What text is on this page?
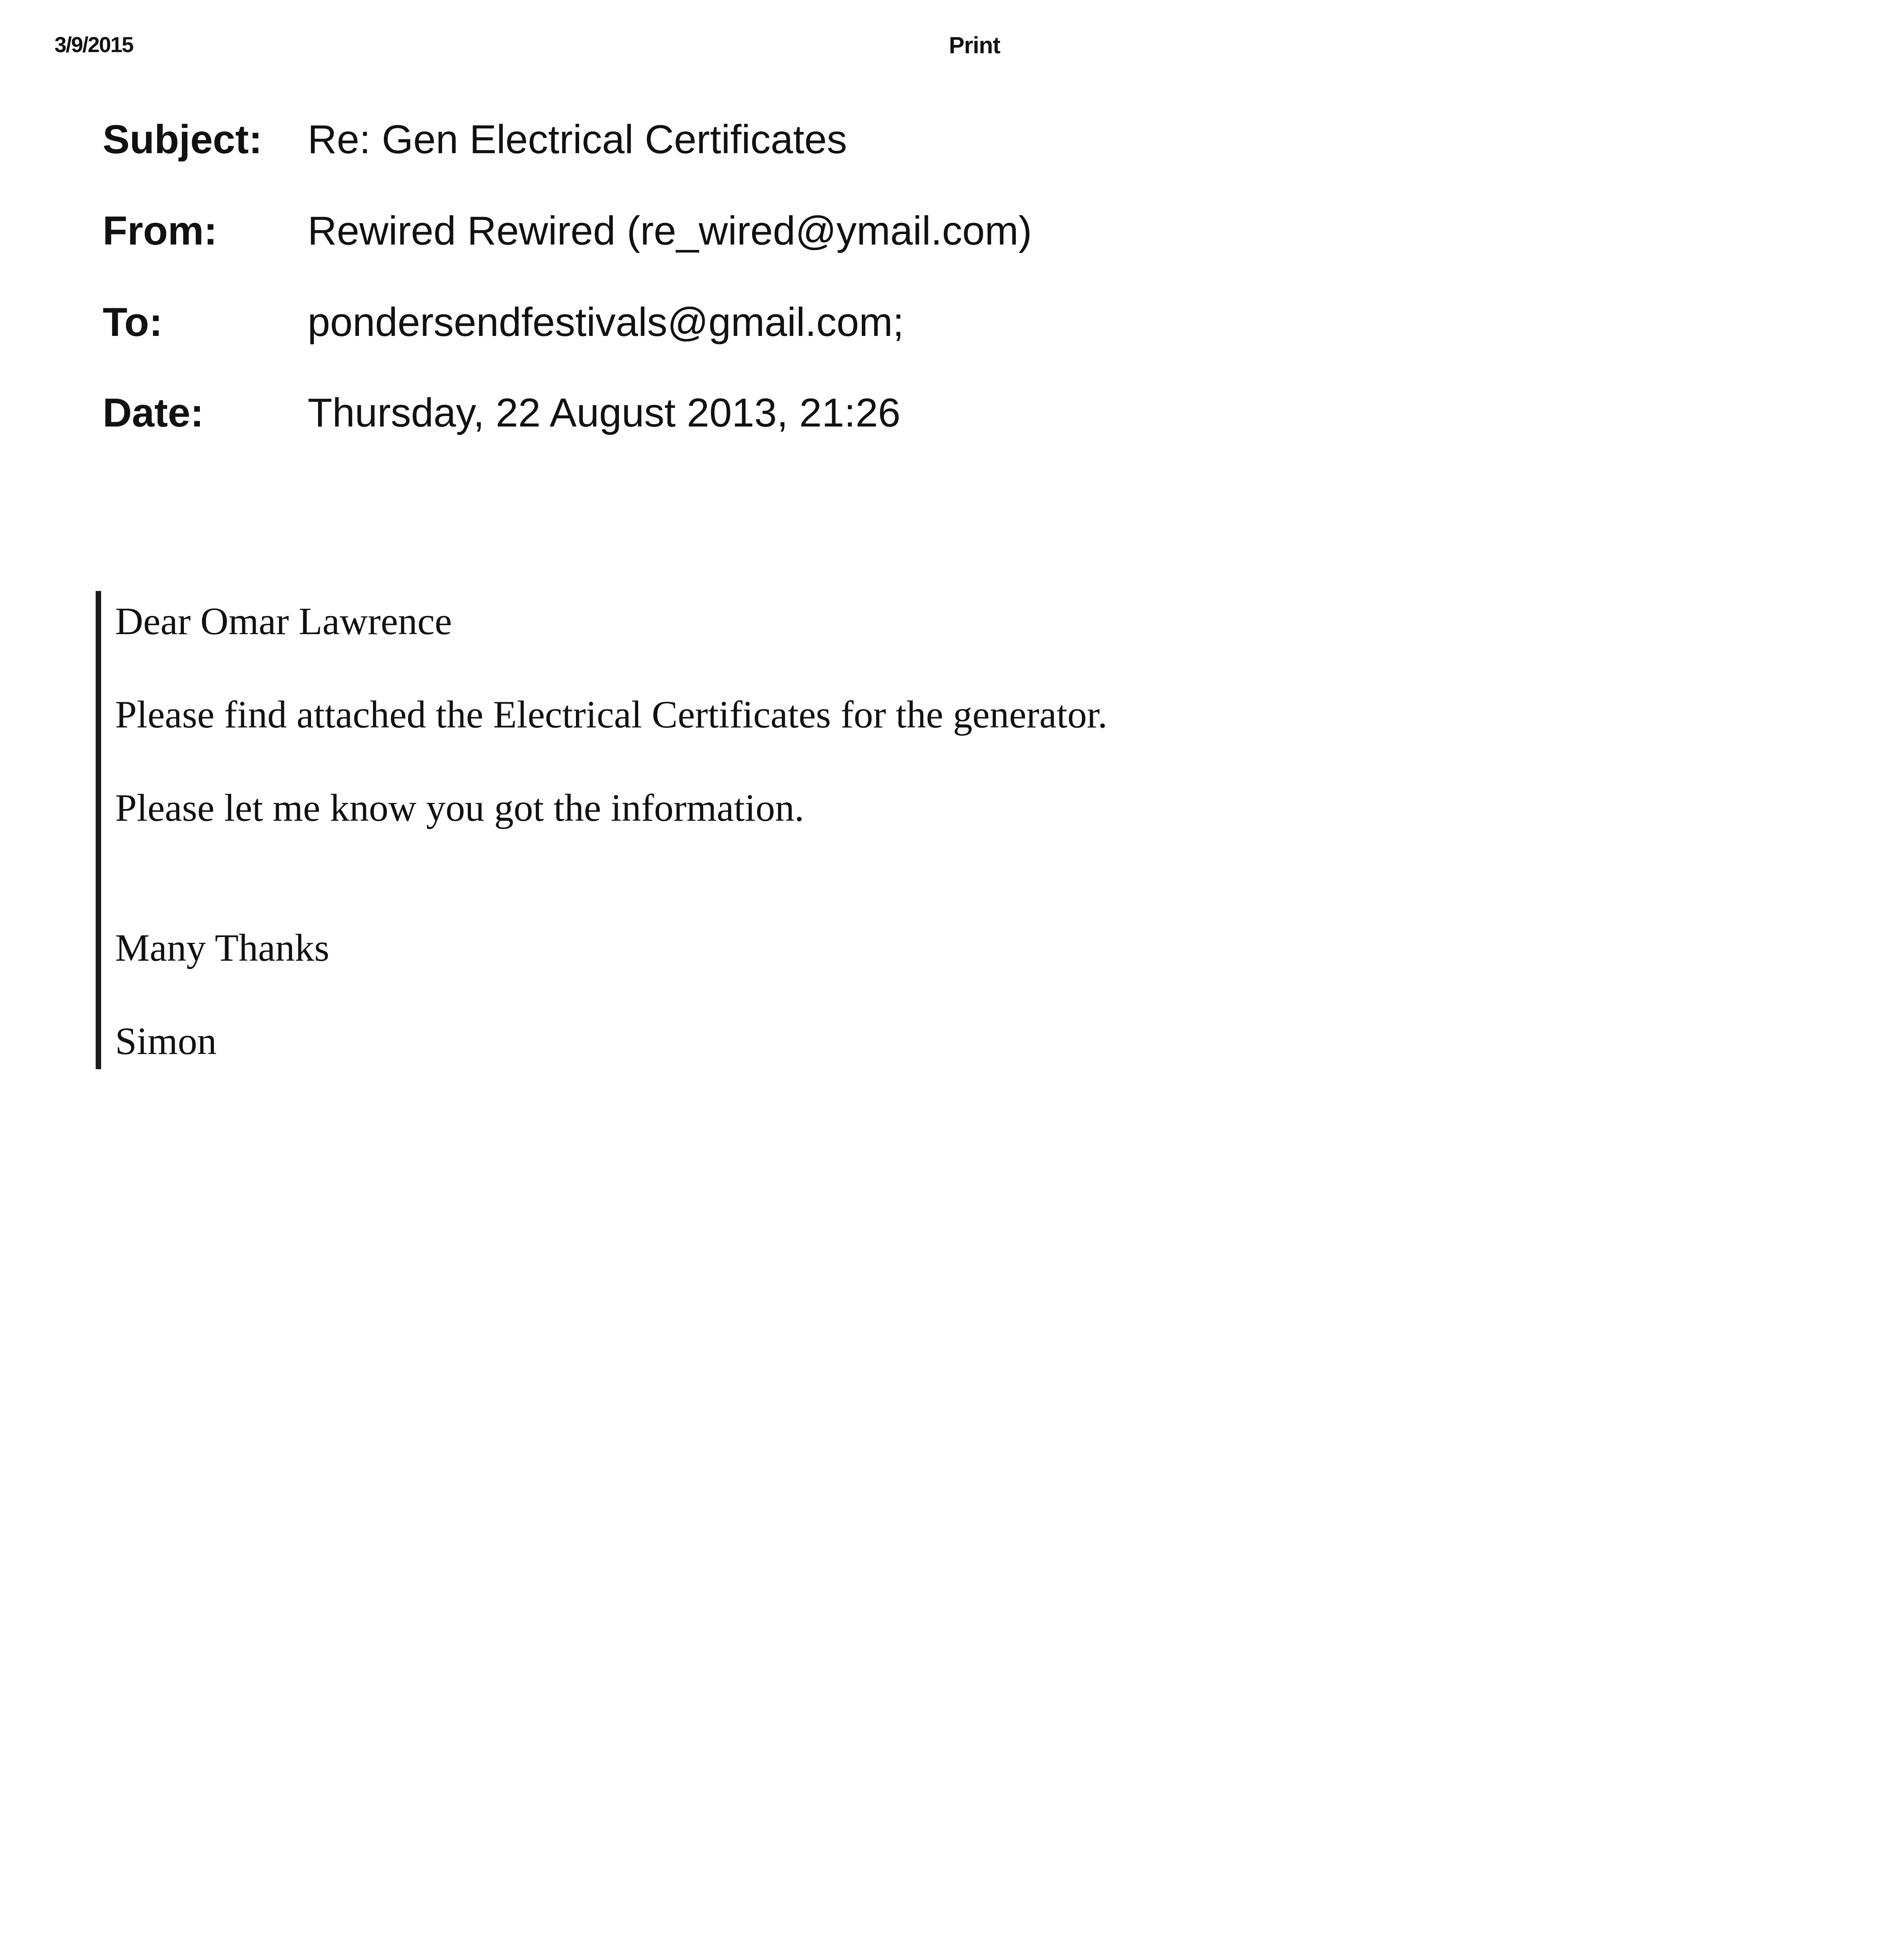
3/9/2015	Print
Subject:	Re: Gen Electrical Certificates
From:	Rewired Rewired (re_wired@ymail.com)
To:	pondersendfestivals@gmail.com;
Date:	Thursday, 22 August 2013, 21:26
Dear Omar Lawrence
Please find attached the Electrical Certificates for the generator.
Please let me know you got the information.
Many Thanks
Simon
